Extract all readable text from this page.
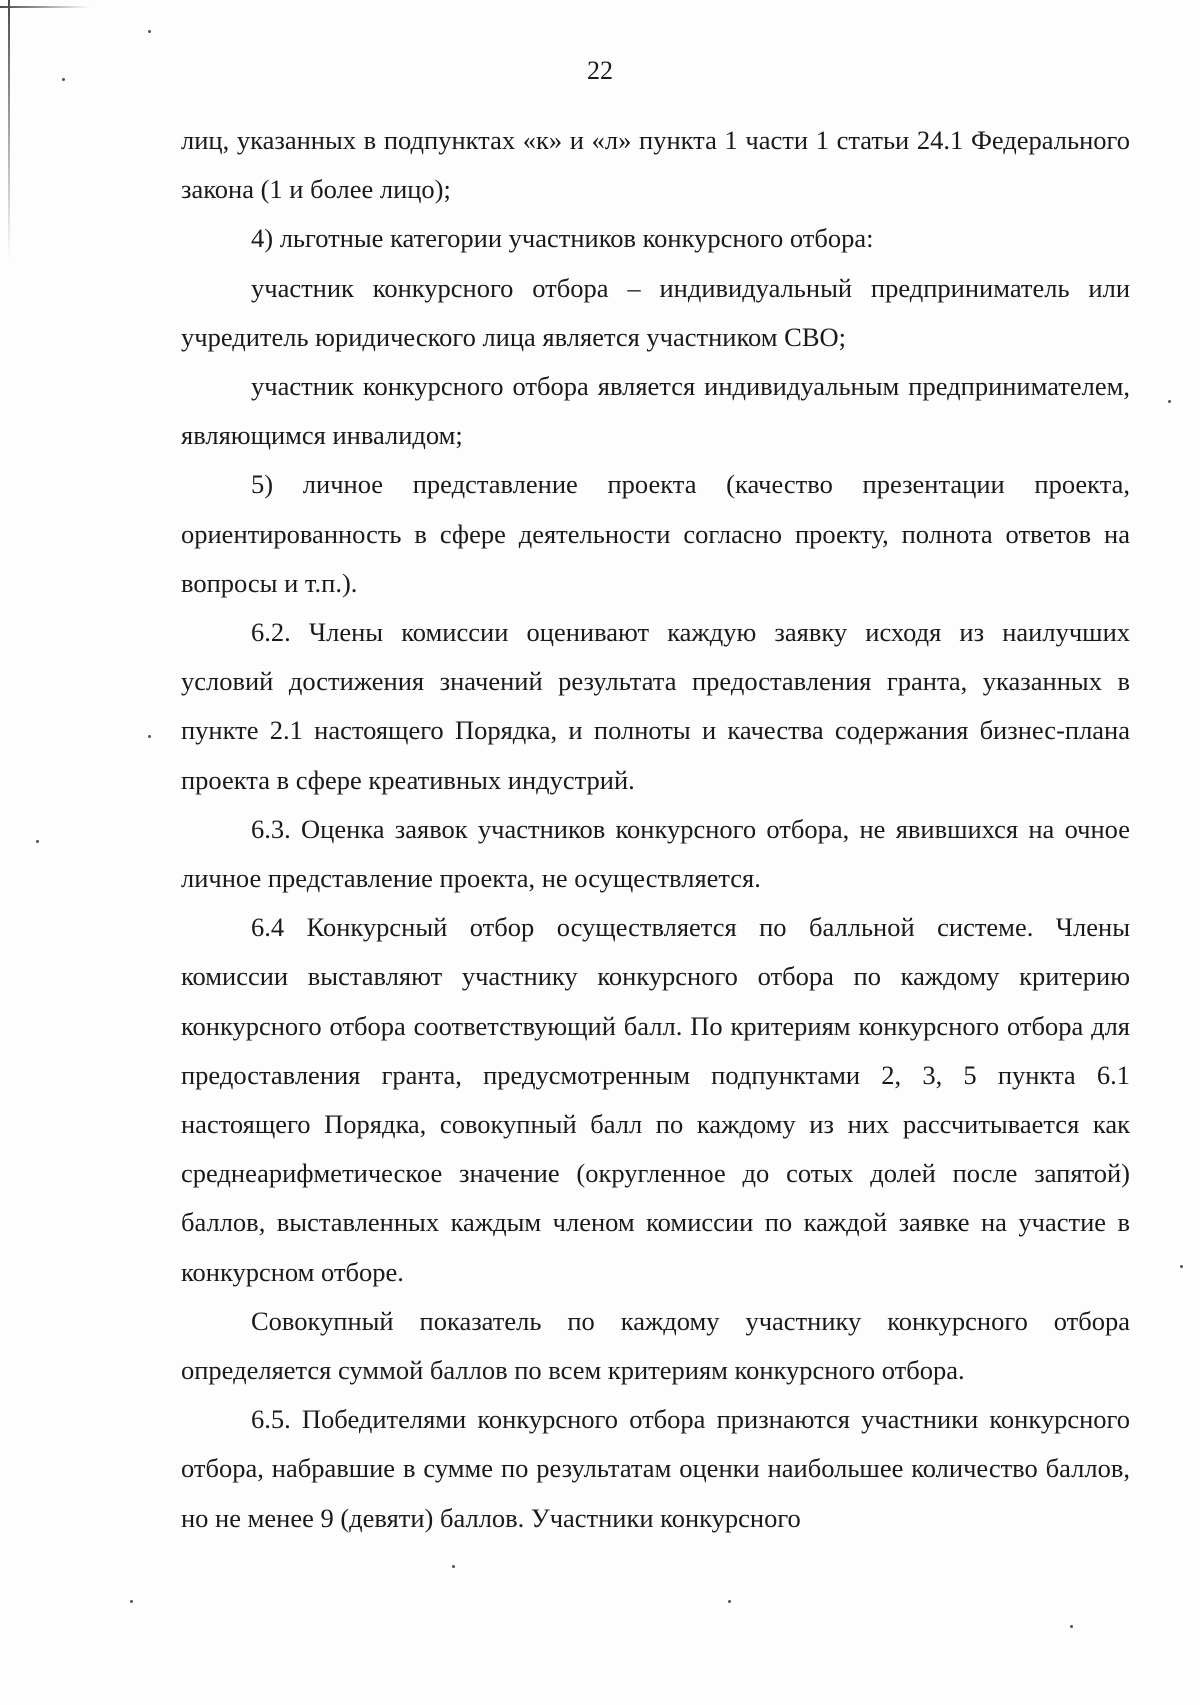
22

лиц, указанных в подпунктах «к» и «л» пункта 1 части 1 статьи 24.1 Федерального закона (1 и более лицо);

4) льготные категории участников конкурсного отбора:

участник конкурсного отбора – индивидуальный предприниматель или учредитель юридического лица является участником СВО;

участник конкурсного отбора является индивидуальным предпринимателем, являющимся инвалидом;

5) личное представление проекта (качество презентации проекта, ориентированность в сфере деятельности согласно проекту, полнота ответов на вопросы и т.п.).

6.2. Члены комиссии оценивают каждую заявку исходя из наилучших условий достижения значений результата предоставления гранта, указанных в пункте 2.1 настоящего Порядка, и полноты и качества содержания бизнес-плана проекта в сфере креативных индустрий.

6.3. Оценка заявок участников конкурсного отбора, не явившихся на очное личное представление проекта, не осуществляется.

6.4 Конкурсный отбор осуществляется по балльной системе. Члены комиссии выставляют участнику конкурсного отбора по каждому критерию конкурсного отбора соответствующий балл. По критериям конкурсного отбора для предоставления гранта, предусмотренным подпунктами 2, 3, 5 пункта 6.1 настоящего Порядка, совокупный балл по каждому из них рассчитывается как среднеарифметическое значение (округленное до сотых долей после запятой) баллов, выставленных каждым членом комиссии по каждой заявке на участие в конкурсном отборе.

Совокупный показатель по каждому участнику конкурсного отбора определяется суммой баллов по всем критериям конкурсного отбора.

6.5. Победителями конкурсного отбора признаются участники конкурсного отбора, набравшие в сумме по результатам оценки наибольшее количество баллов, но не менее 9 (девяти) баллов. Участники конкурсного
